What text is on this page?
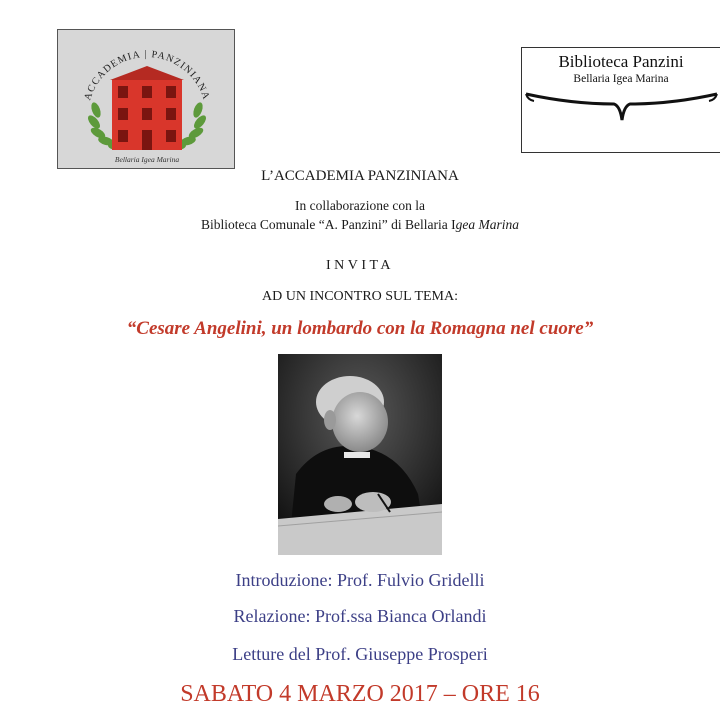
ACCADEMIA | PANZINIANA
Bellaria Igea Marina
Biblioteca Panzini
Bellaria Igea Marina
L’ACCADEMIA PANZINIANA
In collaborazione con la
Biblioteca Comunale “A. Panzini” di Bellaria Igea Marina
INVITA
AD UN INCONTRO SUL TEMA:
“Cesare Angelini, un lombardo con la Romagna nel cuore”
Introduzione: Prof. Fulvio Gridelli
Relazione: Prof.ssa Bianca Orlandi
Letture del Prof. Giuseppe Prosperi
SABATO 4 MARZO 2017 – ORE 16
